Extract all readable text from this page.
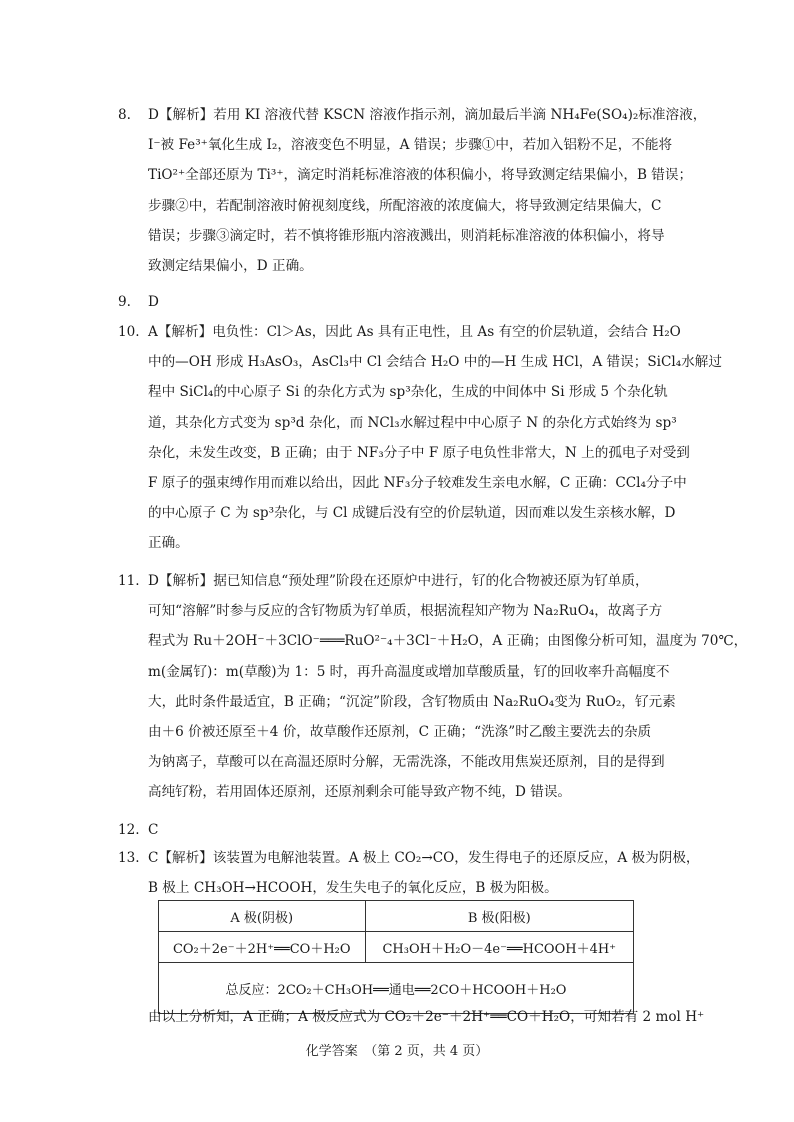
8. D【解析】若用 KI 溶液代替 KSCN 溶液作指示剂，滴加最后半滴 NH₄Fe(SO₄)₂标准溶液，
I⁻被 Fe³⁺氧化生成 I₂，溶液变色不明显，A 错误；步骤①中，若加入铝粉不足，不能将
TiO²⁺全部还原为 Ti³⁺，滴定时消耗标准溶液的体积偏小，将导致测定结果偏小，B 错误；
步骤②中，若配制溶液时俯视刻度线，所配溶液的浓度偏大，将导致测定结果偏大，C
错误；步骤③滴定时，若不慎将锥形瓶内溶液溅出，则消耗标准溶液的体积偏小，将导
致测定结果偏小，D 正确。
9. D
10. A【解析】电负性：Cl＞As，因此 As 具有正电性，且 As 有空的价层轨道，会结合 H₂O
中的—OH 形成 H₃AsO₃，AsCl₃中 Cl 会结合 H₂O 中的—H 生成 HCl，A 错误；SiCl₄水解过
程中 SiCl₄的中心原子 Si 的杂化方式为 sp³杂化，生成的中间体中 Si 形成 5 个杂化轨
道，其杂化方式变为 sp³d 杂化，而 NCl₃水解过程中中心原子 N 的杂化方式始终为 sp³
杂化，未发生改变，B 正确；由于 NF₃分子中 F 原子电负性非常大，N 上的孤电子对受到
F 原子的强束缚作用而难以给出，因此 NF₃分子较难发生亲电水解，C 正确：CCl₄分子中
的中心原子 C 为 sp³杂化，与 Cl 成键后没有空的价层轨道，因而难以发生亲核水解，D
正确。
11. D【解析】据已知信息“预处理”阶段在还原炉中进行，钌的化合物被还原为钌单质，
可知“溶解”时参与反应的含钌物质为钌单质，根据流程知产物为 Na₂RuO₄，故离子方
程式为 Ru＋2OH⁻＋3ClO⁻═══RuO²⁻₄＋3Cl⁻＋H₂O，A 正确；由图像分析可知，温度为 70℃，
m(金属钌)：m(草酸)为 1：5 时，再升高温度或增加草酸质量，钌的回收率升高幅度不
大，此时条件最适宜，B 正确；“沉淀”阶段，含钌物质由 Na₂RuO₄变为 RuO₂，钌元素
由＋6 价被还原至＋4 价，故草酸作还原剂，C 正确；“洗涤”时乙酸主要洗去的杂质
为钠离子，草酸可以在高温还原时分解，无需洗涤，不能改用焦炭还原剂，目的是得到
高纯钌粉，若用固体还原剂，还原剂剩余可能导致产物不纯，D 错误。
12. C
13. C【解析】该装置为电解池装置。A 极上 CO₂→CO，发生得电子的还原反应，A 极为阴极，
B 极上 CH₃OH→HCOOH，发生失电子的氧化反应，B 极为阳极。
A 极(阴极)	B 极(阳极)
CO₂＋2e⁻＋2H⁺══CO＋H₂O	CH₃OH＋H₂O－4e⁻══HCOOH＋4H⁺
总反应：2CO₂＋CH₃OH══通电══2CO＋HCOOH＋H₂O	
由以上分析知，A 正确；A 极反应式为 CO₂＋2e⁻＋2H⁺══CO＋H₂O，可知若有 2 mol H⁺
化学答案　（第 2 页，共 4 页）
